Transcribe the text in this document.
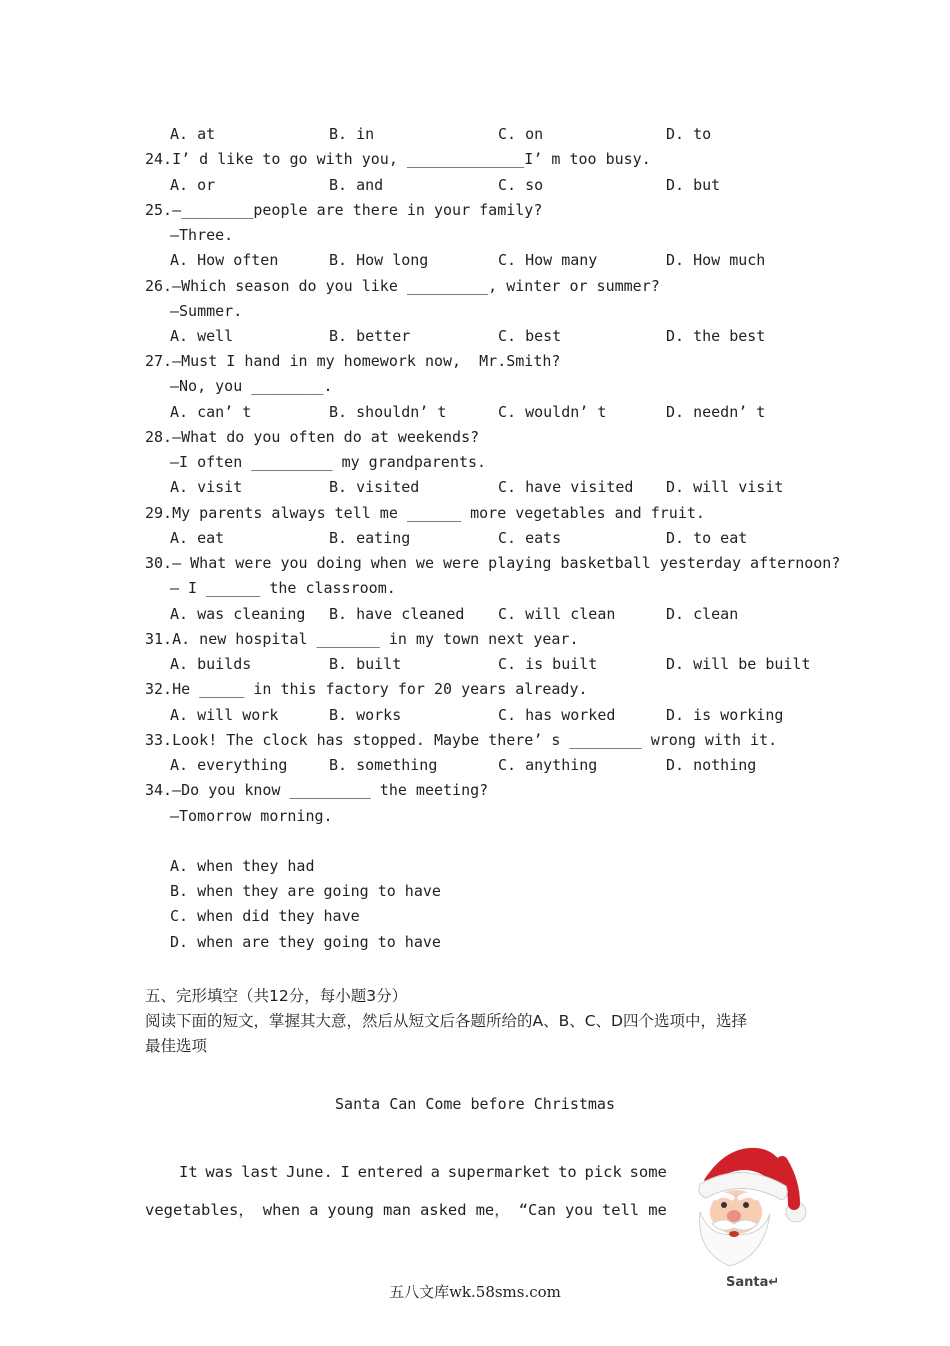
A. at	B. in	C. on	D. to
24.I’ d like to go with you, _____________I’ m too busy.
A. or	B. and	C. so	D. but
25.—________people are there in your family?
—Three.
A. How often	B. How long	C. How many	D. How much
26.—Which season do you like _________, winter or summer?
—Summer.
A. well	B. better	C. best	D. the best
27.—Must I hand in my homework now,  Mr.Smith?
—No, you ________.
A. can’ t	B. shouldn’ t	C. wouldn’ t	D. needn’ t
28.—What do you often do at weekends?
—I often _________ my grandparents.
A. visit	B. visited	C. have visited D. will visit
29.My parents always tell me ______ more vegetables and fruit.
A. eat	B. eating	C. eats	D. to eat
30.— What were you doing when we were playing basketball yesterday afternoon?
— I ______ the classroom.
A. was cleaning B. have cleaned C. will clean	D. clean
31.A. new hospital _______ in my town next year.
A. builds	B. built	C. is built	D. will be built
32.He _____ in this factory for 20 years already.
A. will work	B. works	C. has worked	D. is working
33.Look! The clock has stopped. Maybe there’ s ________ wrong with it.
A. everything	B. something	C. anything	D. nothing
34.—Do you know _________ the meeting?
—Tomorrow morning.
A. when they had
B. when they are going to have
C. when did they have
D. when are they going to have
五、完形填空（共12分，每小题3分）
阅读下面的短文，掌握其大意，然后从短文后各题所给的A、B、C、D四个选项中，选择
最佳选项
Santa Can Come before Christmas
It was last June. I entered a supermarket to pick some
vegetables， when a young man asked me， “Can you tell me
Santa↵
五八文库wk.58sms.com
